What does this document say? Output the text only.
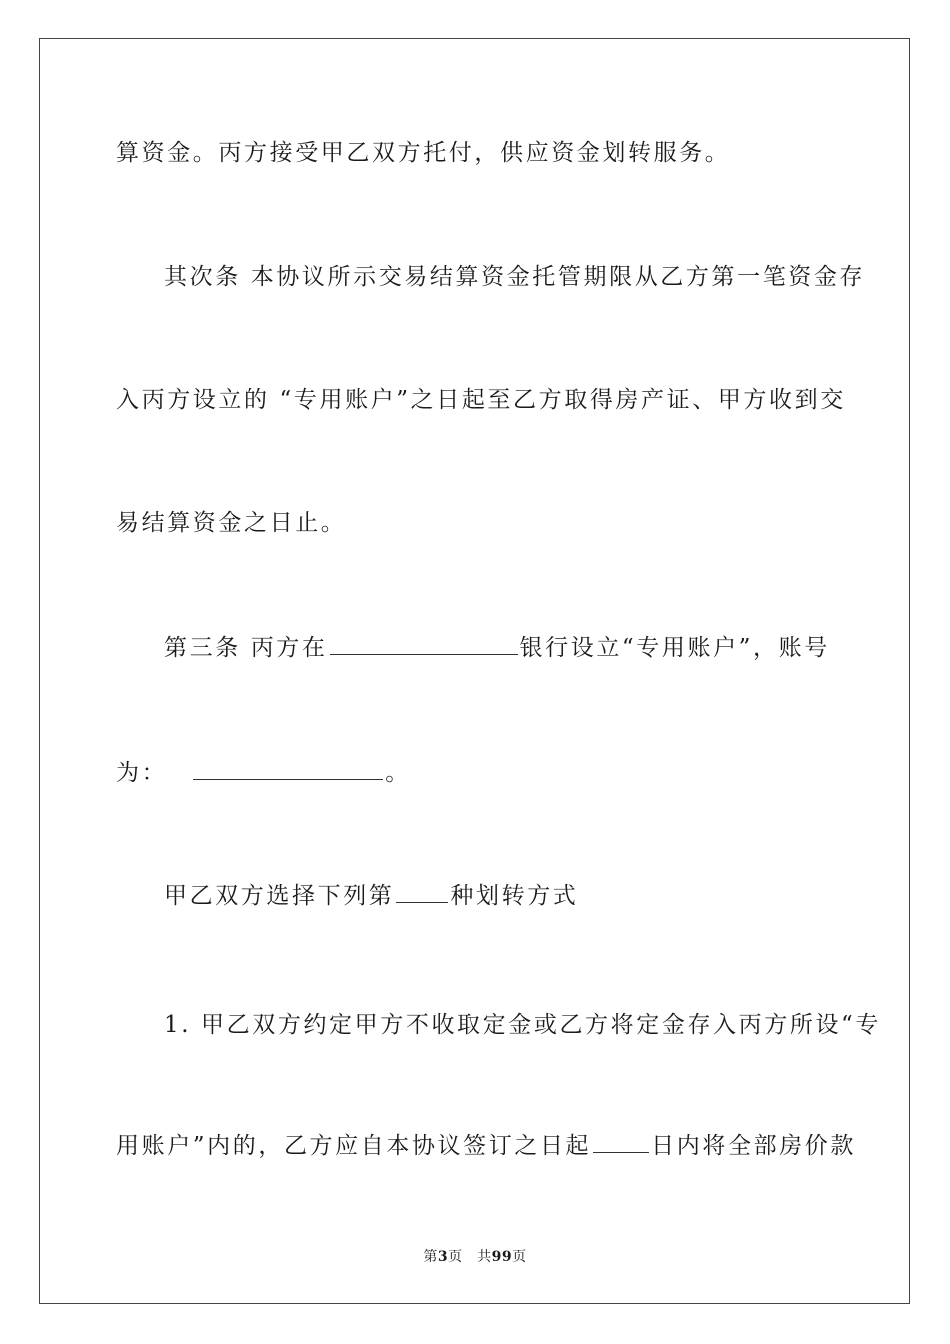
算资金。丙方接受甲乙双方托付，供应资金划转服务。
其次条 本协议所示交易结算资金托管期限从乙方第一笔资金存
入丙方设立的 “专用账户”之日起至乙方取得房产证、甲方收到交
易结算资金之日止。
第三条 丙方在	银行设立“专用账户”，账号
为：	。
甲乙双方选择下列第 种划转方式
1. 甲乙双方约定甲方不收取定金或乙方将定金存入丙方所设“专
用账户”内的，乙方应自本协议签订之日起	日内将全部房价款
第3页　共99页
